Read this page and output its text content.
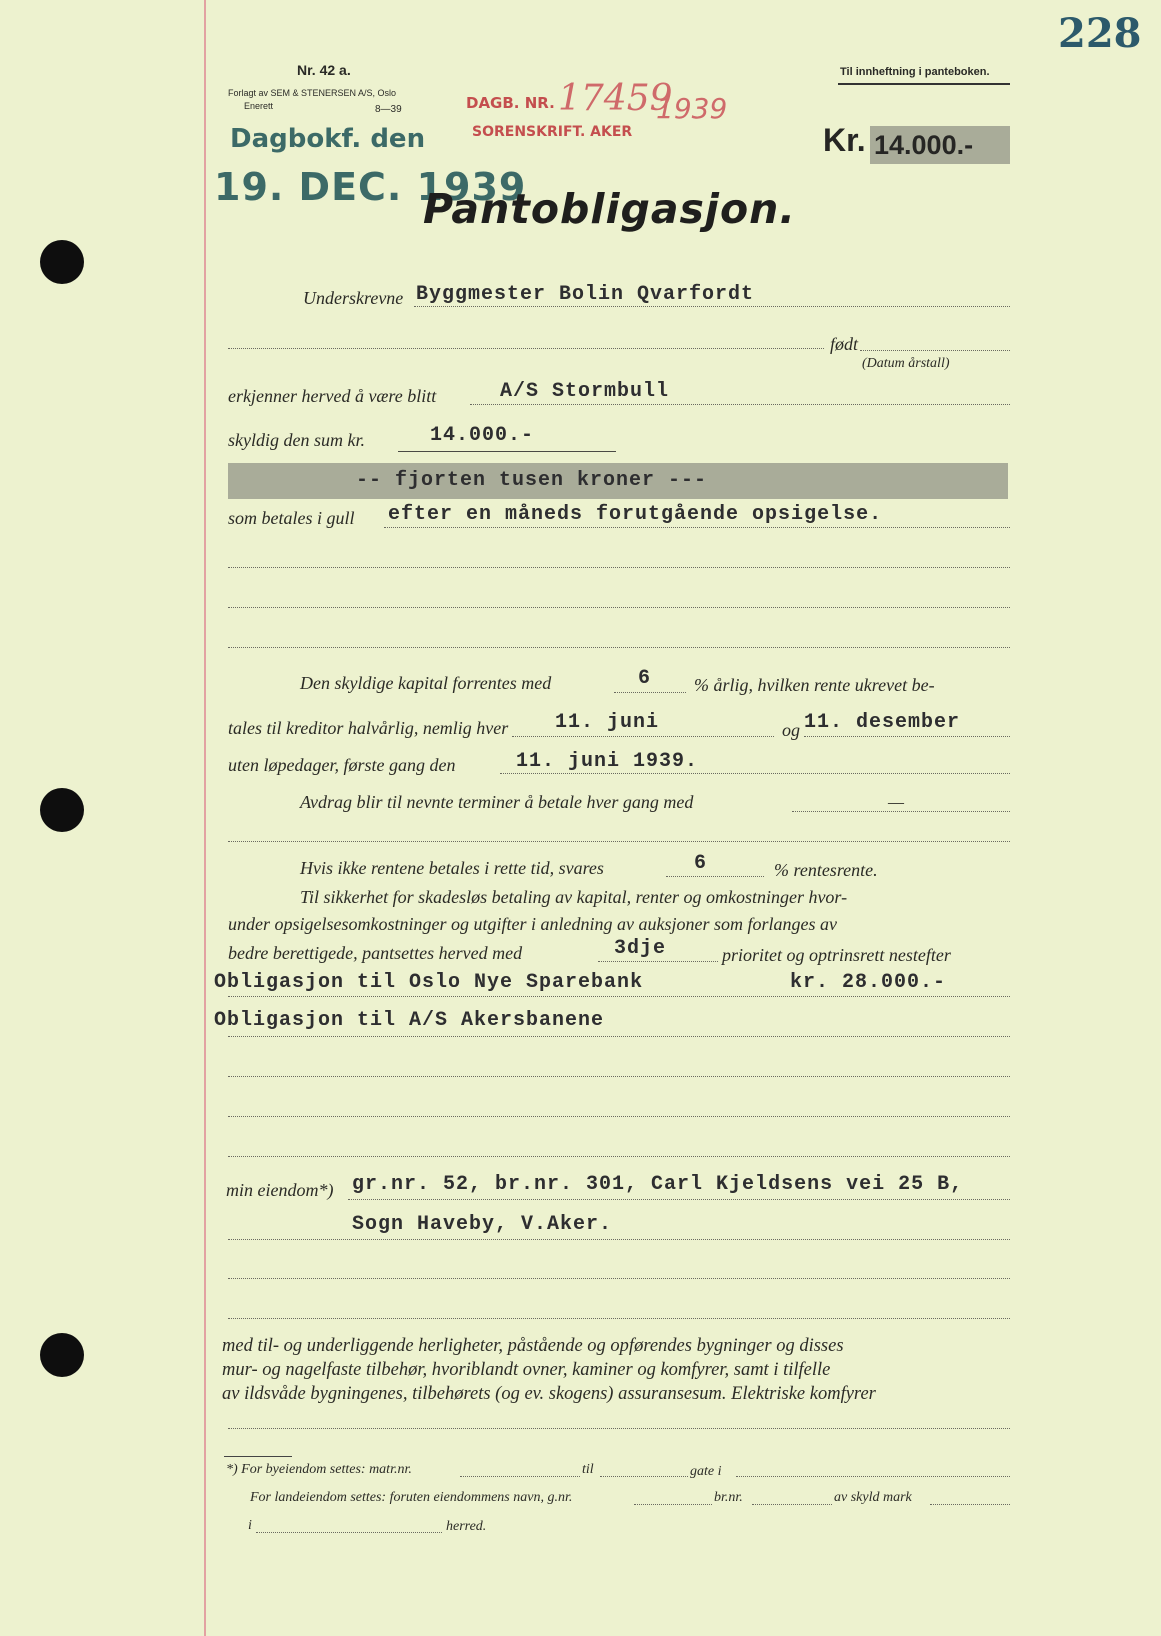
228
Nr. 42 a.
Forlagt av SEM & STENERSEN A/S, Oslo
Enerett	8—39
Til innheftning i panteboken.
Dagbokf. den
19. DEC. 1939
DAGB. NR. 17459
1939
SORENSKRIFT. AKER	Kr. 14.000.-
Pantobligasjon.
Underskrevne Byggmester Bolin Qvarfordt
født
(Datum årstall)
erkjenner herved å være blitt	A/S Stormbull
skyldig den sum kr.	14.000.-
-- fjorten tusen kroner ---
som betales i gull efter en måneds forutgående opsigelse.
Den skyldige kapital forrentes med	6 % årlig, hvilken rente ukrevet be-
tales til kreditor halvårlig, nemlig hver 11. juni	og 11. desember
uten løpedager, første gang den	11. juni 1939.
Avdrag blir til nevnte terminer å betale hver gang med	—
Hvis ikke rentene betales i rette tid, svares	6	% rentesrente.
Til sikkerhet for skadesløs betaling av kapital, renter og omkostninger hvor-
under opsigelsesomkostninger og utgifter i anledning av auksjoner som forlanges av
bedre berettigede, pantsettes herved med	3dje	prioritet og optrinsrett nestefter
Obligasjon til Oslo Nye Sparebank	kr. 28.000.-
Obligasjon til A/S Akersbanene
min eiendom*) gr.nr. 52, br.nr. 301, Carl Kjeldsens vei 25 B,
Sogn Haveby, V.Aker.
med til- og underliggende herligheter, påstående og opførendes bygninger og disses
mur- og nagelfaste tilbehør, hvoriblandt ovner, kaminer og komfyrer, samt i tilfelle
av ildsvåde bygningenes, tilbehørets (og ev. skogens) assuransesum. Elektriske komfyrer
*) For byeiendom settes: matr.nr.	til	gate i
For landeiendom settes: foruten eiendommens navn, g.nr.	br.nr.	av skyld mark
i	herred.
